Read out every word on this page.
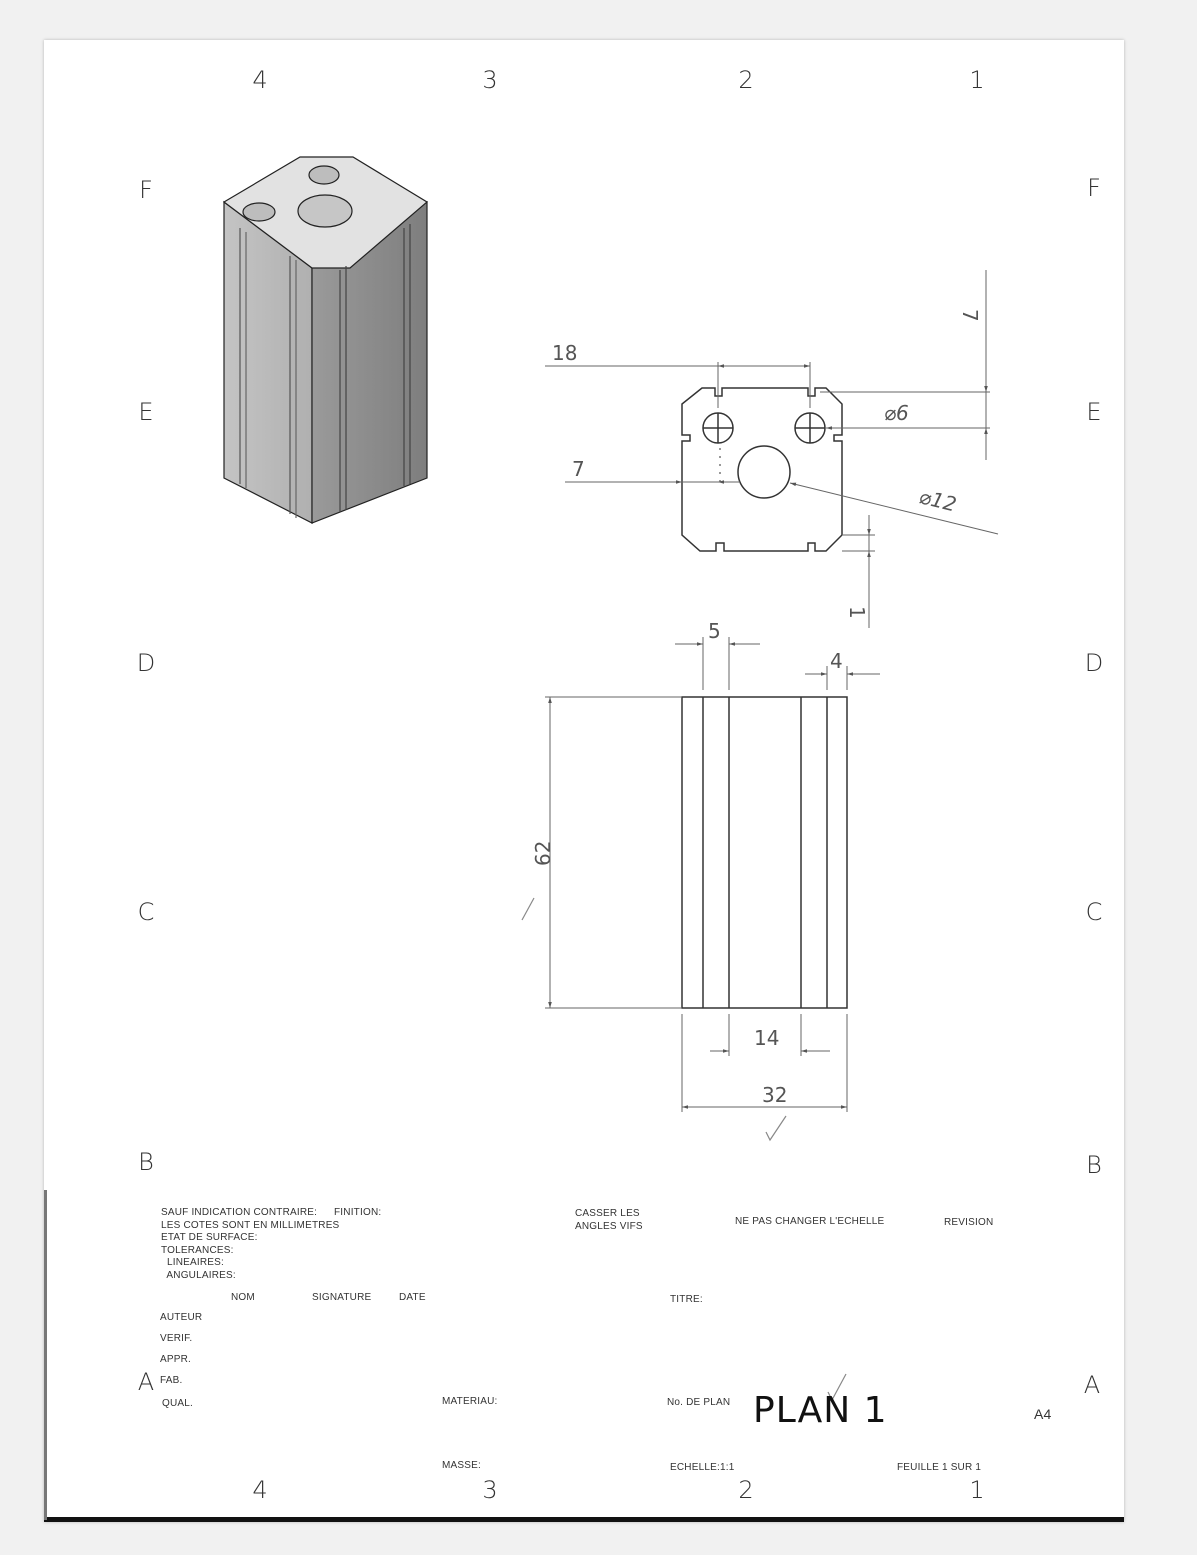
4	3	2	1
4	3	2	1
F
E
D
C
B
A
F
E
D
C
B
A
18
7
⌀6
7
⌀12
1
5
4
62
14
32
SAUF INDICATION CONTRAIRE:
LES COTES SONT EN MILLIMETRES
ETAT DE SURFACE:
TOLERANCES:
LINEAIRES:
ANGULAIRES:
FINITION:	CASSER LES
ANGLES VIFS	NE PAS CHANGER L'ECHELLE	REVISION
NOM	SIGNATURE	DATE	TITRE:
AUTEUR
VERIF.
APPR.
FAB.
QUAL.	MATERIAU:	No. DE PLAN PLAN 1	A4
MASSE:	ECHELLE:1:1	FEUILLE 1 SUR 1
